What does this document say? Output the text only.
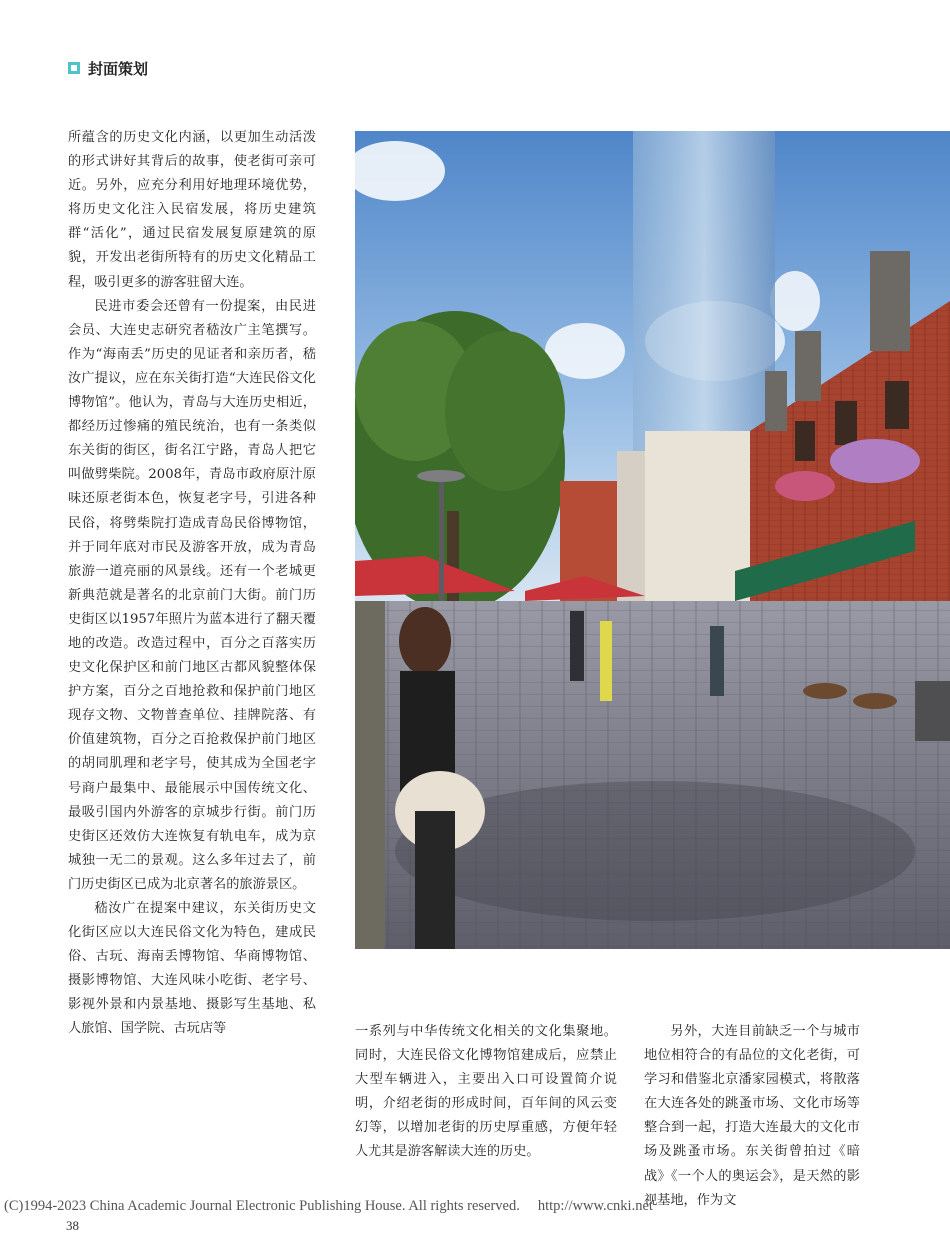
封面策划

所蕴含的历史文化内涵，以更加生动活泼的形式讲好其背后的故事，使老街可亲可近。另外，应充分利用好地理环境优势，将历史文化注入民宿发展，将历史建筑群“活化”，通过民宿发展复原建筑的原貌，开发出老街所特有的历史文化精品工程，吸引更多的游客驻留大连。

民进市委会还曾有一份提案，由民进会员、大连史志研究者嵇汝广主笔撰写。作为“海南丢”历史的见证者和亲历者，嵇汝广提议，应在东关街打造“大连民俗文化博物馆”。他认为，青岛与大连历史相近，都经历过惨痛的殖民统治，也有一条类似东关街的街区，街名江宁路，青岛人把它叫做劈柴院。2008年，青岛市政府原汁原味还原老街本色，恢复老字号，引进各种民俗，将劈柴院打造成青岛民俗博物馆，并于同年底对市民及游客开放，成为青岛旅游一道亮丽的风景线。还有一个老城更新典范就是著名的北京前门大街。前门历史街区以1957年照片为蓝本进行了翻天覆地的改造。改造过程中，百分之百落实历史文化保护区和前门地区古都风貌整体保护方案，百分之百地抢救和保护前门地区现存文物、文物普查单位、挂牌院落、有价值建筑物，百分之百抢救保护前门地区的胡同肌理和老字号，使其成为全国老字号商户最集中、最能展示中国传统文化、最吸引国内外游客的京城步行街。前门历史街区还效仿大连恢复有轨电车，成为京城独一无二的景观。这么多年过去了，前门历史街区已成为北京著名的旅游景区。

嵇汝广在提案中建议，东关街历史文化街区应以大连民俗文化为特色，建成民俗、古玩、海南丢博物馆、华商博物馆、摄影博物馆、大连风味小吃街、老字号、影视外景和内景基地、摄影写生基地、私人旅馆、国学院、古玩店等	一系列与中华传统文化相关的文化集聚地。同时，大连民俗文化博物馆建成后，应禁止大型车辆进入，主要出入口可设置简介说明，介绍老街的形成时间，百年间的风云变幻等，以增加老街的历史厚重感，方便年轻人尤其是游客解读大连的历史。

另外，大连目前缺乏一个与城市地位相符合的有品位的文化老街，可学习和借鉴北京潘家园模式，将散落在大连各处的跳蚤市场、文化市场等整合到一起，打造大连最大的文化市场及跳蚤市场。东关街曾拍过《暗战》《一个人的奥运会》，是天然的影视基地，作为文

(C)1994-2023 China Academic Journal Electronic Publishing House. All rights reserved. http://www.cnki.net
38
